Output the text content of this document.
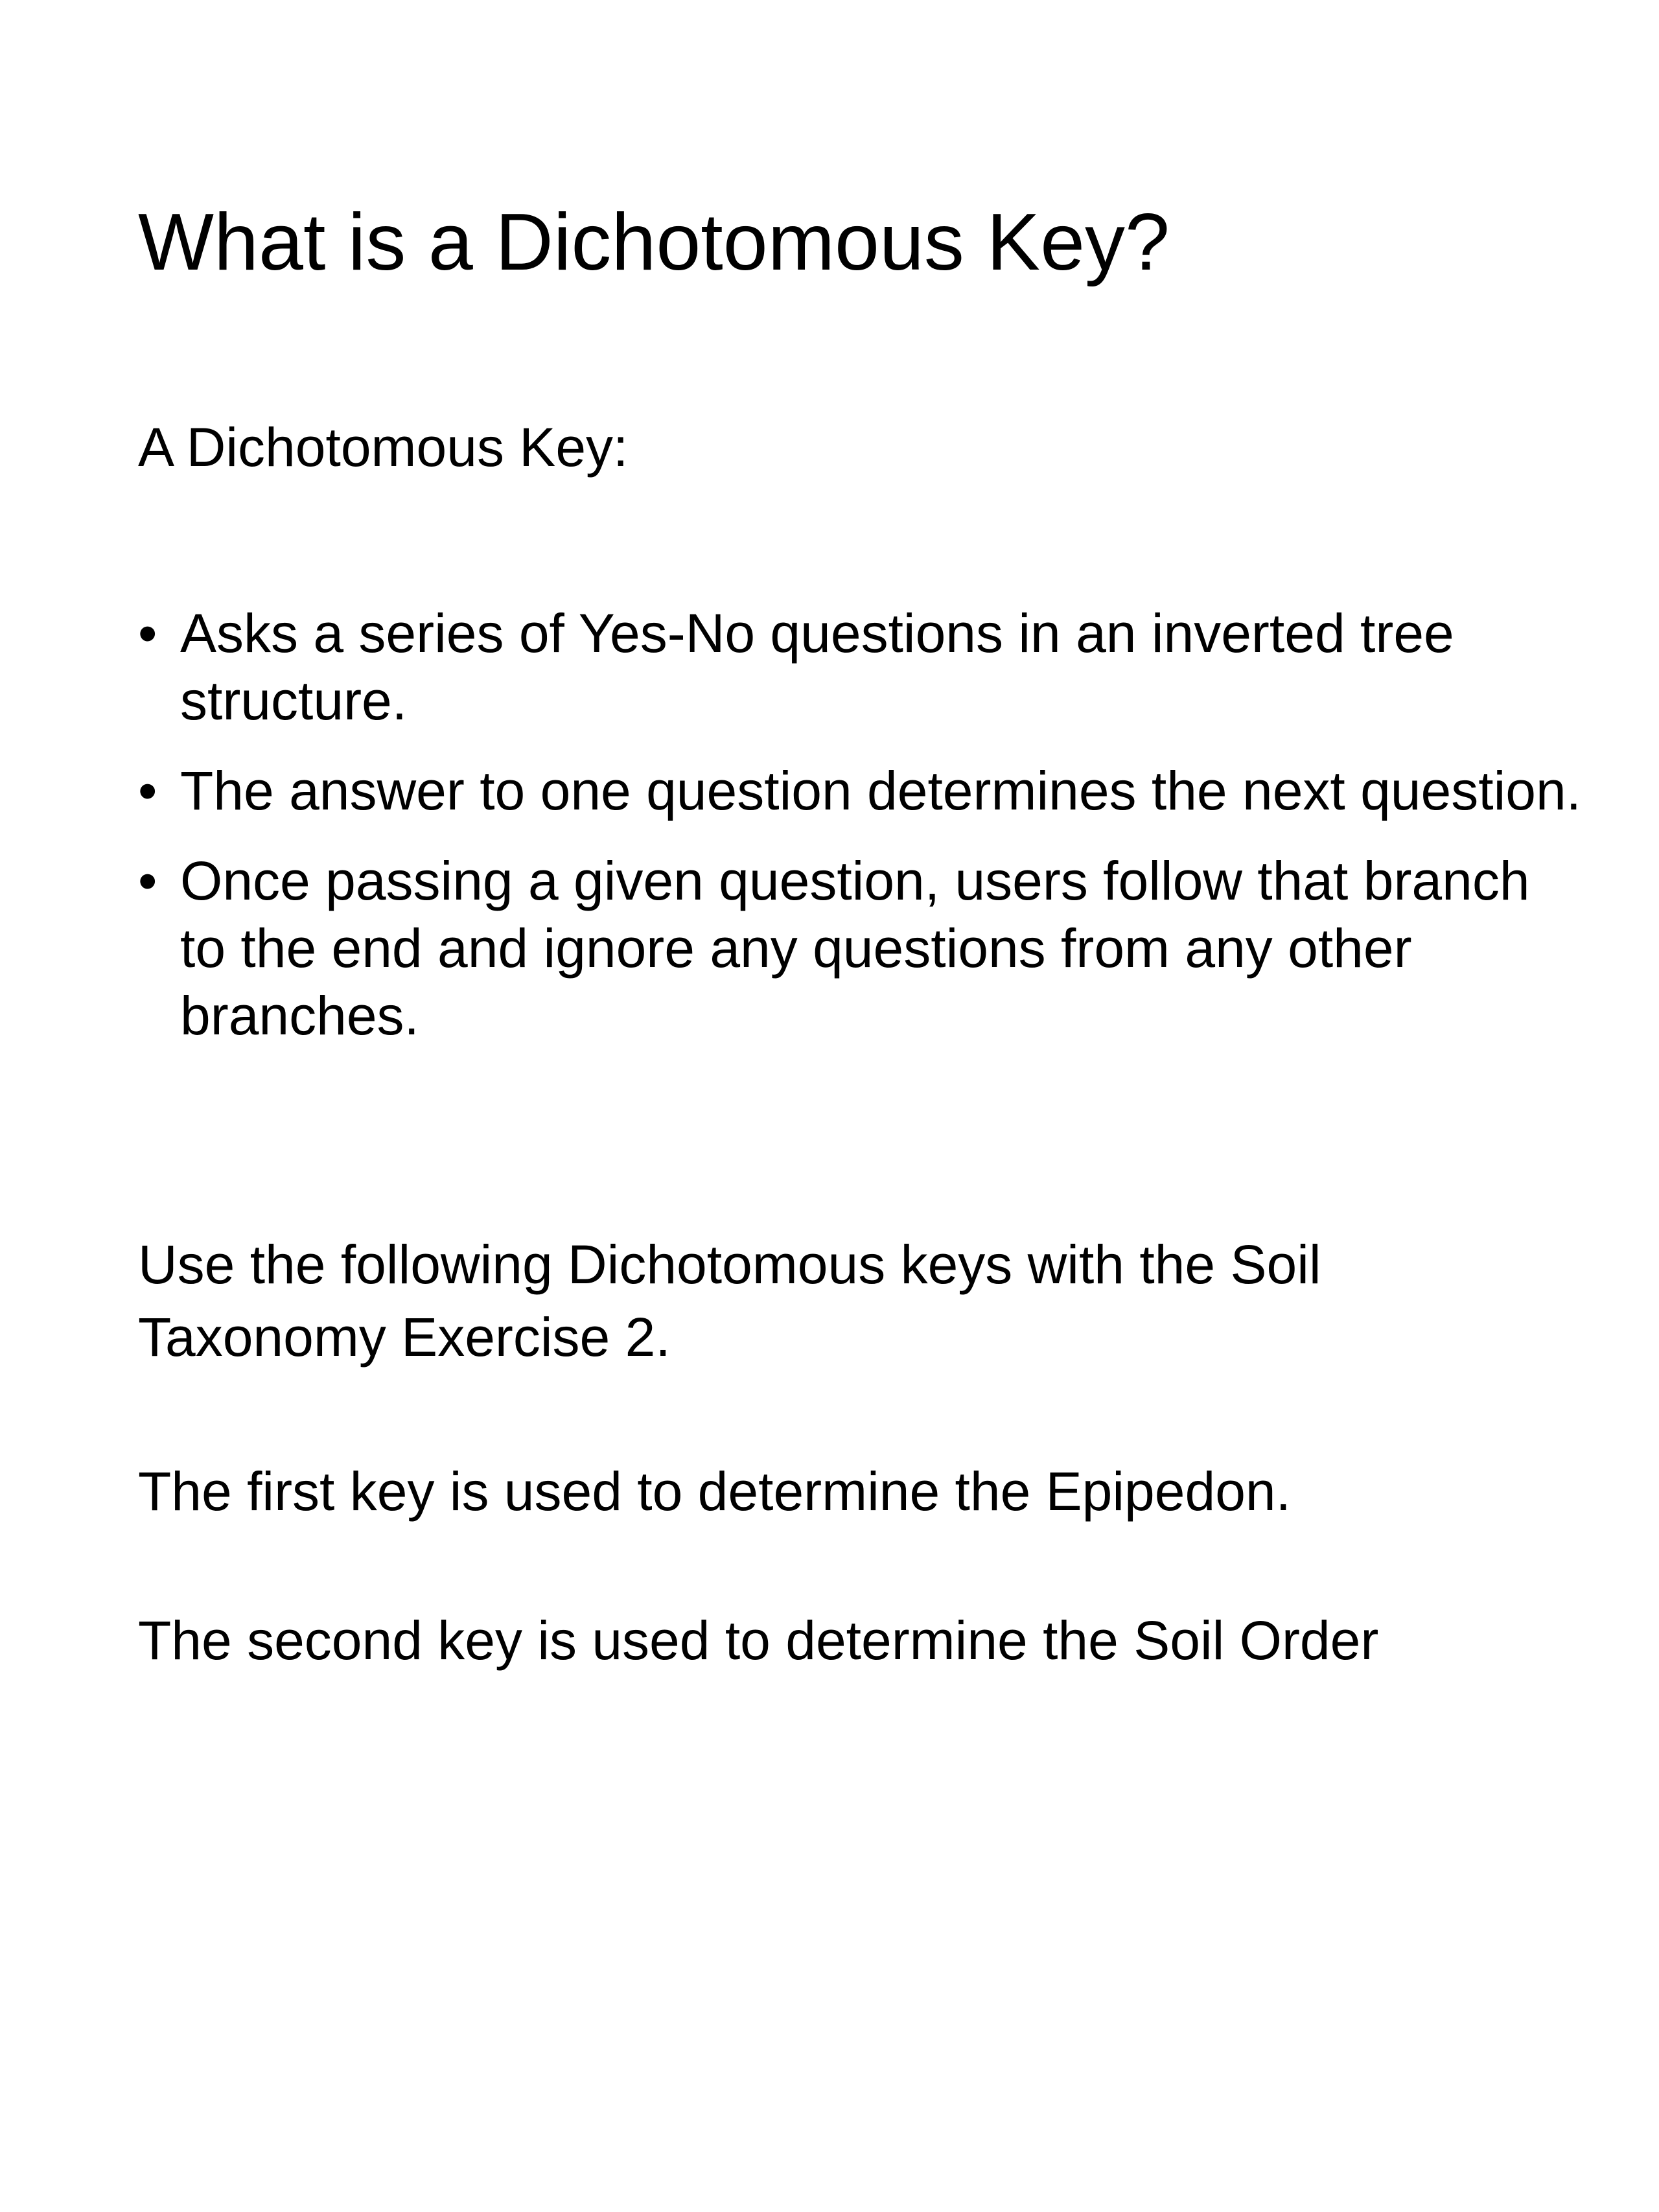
What is a Dichotomous Key?

A Dichotomous Key:

• Asks a series of Yes-No questions in an inverted tree structure.
• The answer to one question determines the next question.
• Once passing a given question, users follow that branch to the end and ignore any questions from any other branches.

Use the following Dichotomous keys with the Soil Taxonomy Exercise 2.

The first key is used to determine the Epipedon.

The second key is used to determine the Soil Order
